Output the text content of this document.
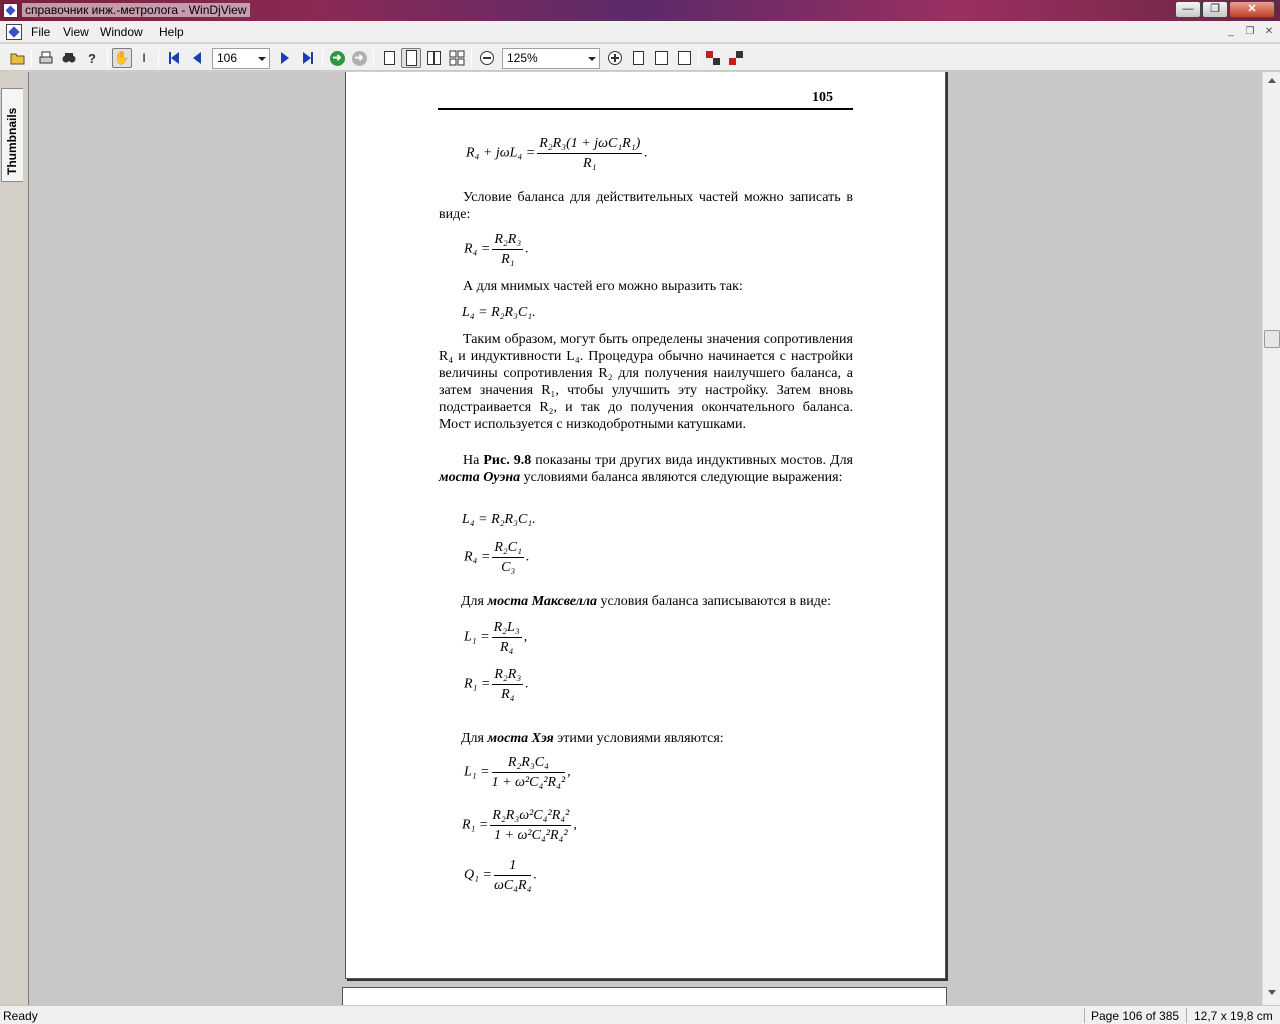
справочник инж.-метролога - WinDjView	—	❐	✕
File View Window Help	_	❐	✕
? ✋ I	106	➜ ➜	125%
Thumbnails
105
$R_4 + j\omega L_4 = \frac{\text{R₂R₃(1 + jωC₁R₁)}}{\text{R₁}}$ .
Условие баланса для действительных частей можно записать в виде:
$R_4 = \frac{\text{R₂R₃}}{\text{R₁}}$ .
А для мнимых частей его можно выразить так:
L₄ = R₂R₃C₁.
Таким образом, могут быть определены значения сопротивления R₄ и индуктивности L₄. Процедура обычно начинается с настройки величины сопротивления R₂ для получения наилучшего баланса, а затем значения R₁, чтобы улучшить эту настройку. Затем вновь подстраивается R₂, и так до получения окончательного баланса. Мост используется с низкодобротными катушками.
На Рис. 9.8 показаны три других вида индуктивных мостов. Для моста Оуэна условиями баланса являются следующие выражения:
L₄ = R₂R₃C₁.
$R_4 = \frac{\text{R₂C₁}}{\text{C₃}}$ .
Для моста Максвелла условия баланса записываются в виде:
$L_1 = \frac{\text{R₂L₃}}{\text{R₄}}$ ,
$R_1 = \frac{\text{R₂R₃}}{\text{R₄}}$ .
Для моста Хэя этими условиями являются:
$L_1 = \frac{\text{R₂R₃C₄}}{\text{1 + ω²C₄²R₄²}}$ ,
$R_1 = \frac{\text{R₂R₃ω²C₄²R₄²}}{\text{1 + ω²C₄²R₄²}}$ ,
$Q_1 = \frac{1}{\text{ωC₄R₄}}$ .
Ready	Page 106 of 385 12,7 x 19,8 cm
